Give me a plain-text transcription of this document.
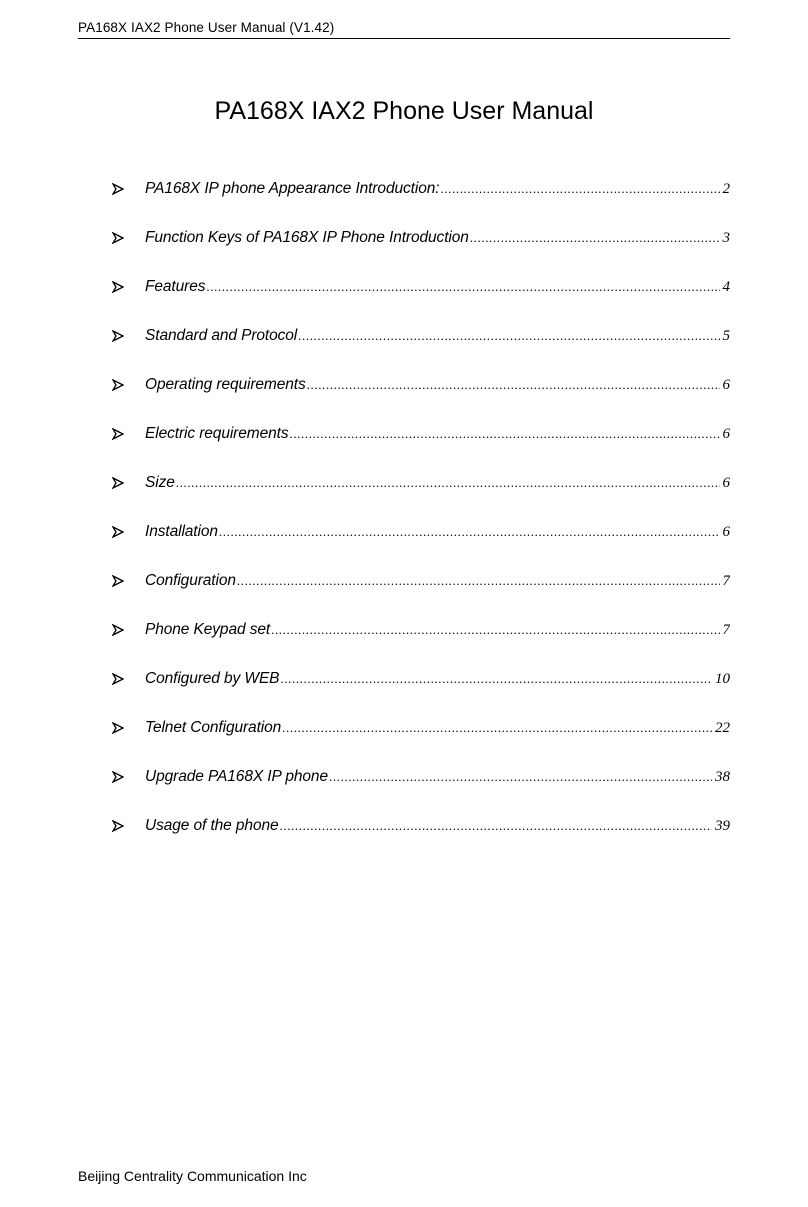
PA168X IAX2 Phone User Manual (V1.42)
PA168X IAX2 Phone User Manual
PA168X IP phone Appearance Introduction: .....	2
Function Keys of PA168X IP Phone Introduction .....	3
Features .....	4
Standard and Protocol .....	5
Operating requirements .....	6
Electric requirements .....	6
Size .....	6
Installation .....	6
Configuration .....	7
Phone Keypad set .....	7
Configured by WEB .....	10
Telnet Configuration .....	22
Upgrade PA168X IP phone .....	38
Usage of the phone .....	39
Beijing Centrality Communication Inc
